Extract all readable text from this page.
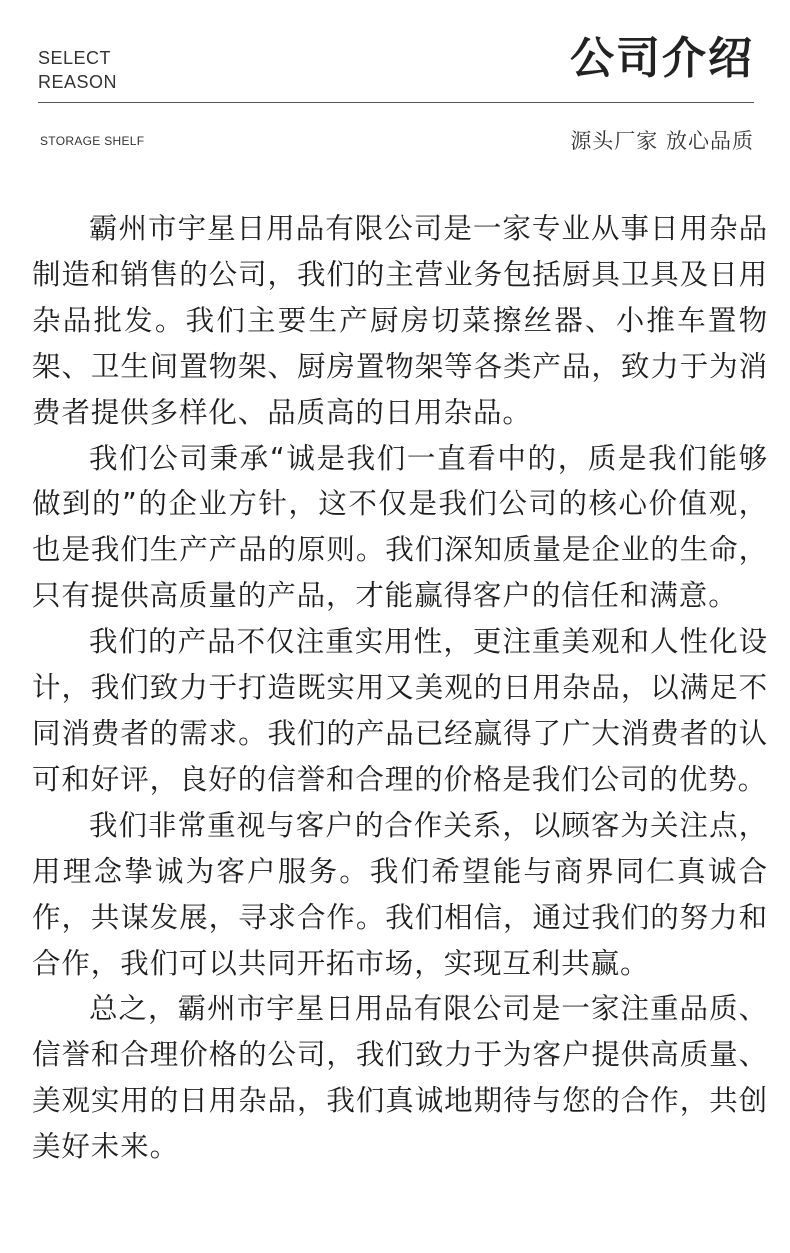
SELECT
REASON	公司介绍
STORAGE SHELF	源头厂家 放心品质

霸州市宇星日用品有限公司是一家专业从事日用杂品制造和销售的公司，我们的主营业务包括厨具卫具及日用杂品批发。我们主要生产厨房切菜擦丝器、小推车置物架、卫生间置物架、厨房置物架等各类产品，致力于为消费者提供多样化、品质高的日用杂品。

我们公司秉承“诚是我们一直看中的，质是我们能够做到的”的企业方针，这不仅是我们公司的核心价值观，也是我们生产产品的原则。我们深知质量是企业的生命，只有提供高质量的产品，才能赢得客户的信任和满意。

我们的产品不仅注重实用性，更注重美观和人性化设计，我们致力于打造既实用又美观的日用杂品，以满足不同消费者的需求。我们的产品已经赢得了广大消费者的认可和好评，良好的信誉和合理的价格是我们公司的优势。

我们非常重视与客户的合作关系，以顾客为关注点，用理念挚诚为客户服务。我们希望能与商界同仁真诚合作，共谋发展，寻求合作。我们相信，通过我们的努力和合作，我们可以共同开拓市场，实现互利共赢。

总之，霸州市宇星日用品有限公司是一家注重品质、信誉和合理价格的公司，我们致力于为客户提供高质量、美观实用的日用杂品，我们真诚地期待与您的合作，共创美好未来。
